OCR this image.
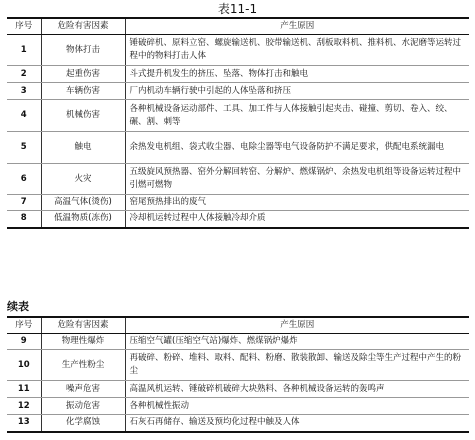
表11-1
序号	危险有害因素	产生原因
1	物体打击	锤破碎机、原料立窑、螺旋输送机、胶带输送机、刮板取料机、推料机、水泥磨等运转过程中的物料打击人体
2	起重伤害	斗式提升机发生的挤压、坠落、物体打击和触电
3	车辆伤害	厂内机动车辆行驶中引起的人体坠落和挤压
4	机械伤害	各种机械设备运动部件、工具、加工件与人体接触引起夹击、碰撞、剪切、卷入、绞、碾、割、刺等
5	触电	余热发电机组、袋式收尘器、电除尘器等电气设备防护不满足要求，供配电系统漏电
6	火灾	五级旋风预热器、窑外分解回转窑、分解炉、燃煤锅炉、余热发电机组等设备运转过程中引燃可燃物
7	高温气体(烫伤)	窑尾预热排出的废气
8	低温物质(冻伤)	冷却机运转过程中人体接触冷却介质
续表
序号	危险有害因素	产生原因
9	物理性爆炸	压缩空气罐(压缩空气站)爆炸、燃煤锅炉爆炸
10	生产性粉尘	再破碎、粉碎、堆料、取料、配料、粉磨、散装散卸、输送及除尘等生产过程中产生的粉尘
11	噪声危害	高温风机运转、锤破碎机破碎大块熟料、各种机械设备运转的轰鸣声
12	振动危害	各种机械性振动
13	化学腐蚀	石灰石再储存、输送及预均化过程中触及人体
